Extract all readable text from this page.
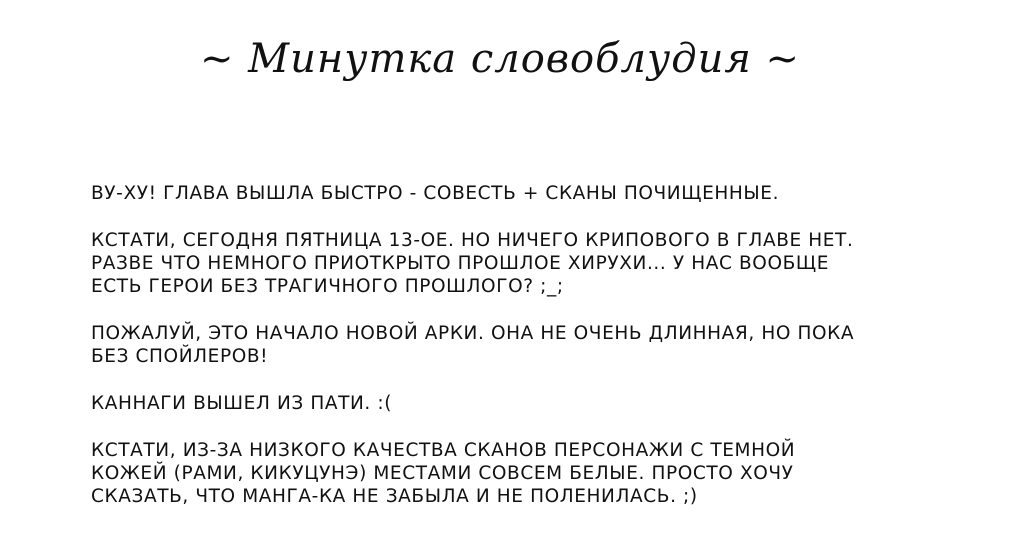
~ Минутка словоблудия ~
ВУ-ХУ! ГЛАВА ВЫШЛА БЫСТРО - СОВЕСТЬ + СКАНЫ ПОЧИЩЕННЫЕ.
КСТАТИ, СЕГОДНЯ ПЯТНИЦА 13-ОЕ. НО НИЧЕГО КРИПОВОГО В ГЛАВЕ НЕТ.
РАЗВЕ ЧТО НЕМНОГО ПРИОТКРЫТО ПРОШЛОЕ ХИРУХИ... У НАС ВООБЩЕ
ЕСТЬ ГЕРОИ БЕЗ ТРАГИЧНОГО ПРОШЛОГО? ;_;
ПОЖАЛУЙ, ЭТО НАЧАЛО НОВОЙ АРКИ. ОНА НЕ ОЧЕНЬ ДЛИННАЯ, НО ПОКА
БЕЗ СПОЙЛЕРОВ!
КАННАГИ ВЫШЕЛ ИЗ ПАТИ. :(
КСТАТИ, ИЗ-ЗА НИЗКОГО КАЧЕСТВА СКАНОВ ПЕРСОНАЖИ С ТЕМНОЙ
КОЖЕЙ (РАМИ, КИКУЦУНЭ) МЕСТАМИ СОВСЕМ БЕЛЫЕ. ПРОСТО ХОЧУ
СКАЗАТЬ, ЧТО МАНГА-КА НЕ ЗАБЫЛА И НЕ ПОЛЕНИЛАСЬ. ;)
